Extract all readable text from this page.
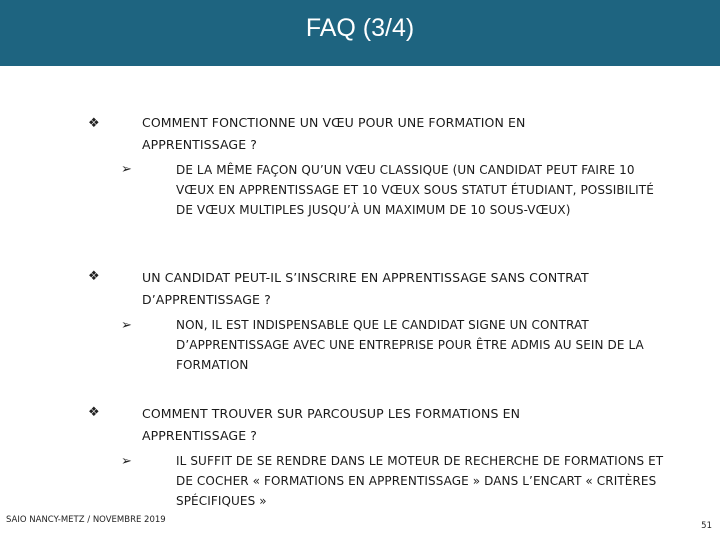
FAQ (3/4)
❖	COMMENT FONCTIONNE UN VŒU POUR UNE FORMATION EN APPRENTISSAGE ?
➢	DE LA MÊME FAÇON QU’UN VŒU CLASSIQUE (UN CANDIDAT PEUT FAIRE 10 VŒUX EN APPRENTISSAGE ET 10 VŒUX SOUS STATUT ÉTUDIANT, POSSIBILITÉ DE VŒUX MULTIPLES JUSQU’À UN MAXIMUM DE 10 SOUS-VŒUX)
❖	UN CANDIDAT PEUT-IL S’INSCRIRE EN APPRENTISSAGE SANS CONTRAT D’APPRENTISSAGE ?
➢	NON, IL EST INDISPENSABLE QUE LE CANDIDAT SIGNE UN CONTRAT D’APPRENTISSAGE AVEC UNE ENTREPRISE POUR ÊTRE ADMIS AU SEIN DE LA FORMATION
❖	COMMENT TROUVER SUR PARCOUSUP LES FORMATIONS EN APPRENTISSAGE ?
➢	IL SUFFIT DE SE RENDRE DANS LE MOTEUR DE RECHERCHE DE FORMATIONS ET DE COCHER « FORMATIONS EN APPRENTISSAGE » DANS L’ENCART « CRITÈRES SPÉCIFIQUES »
SAIO NANCY-METZ / NOVEMBRE 2019
51
